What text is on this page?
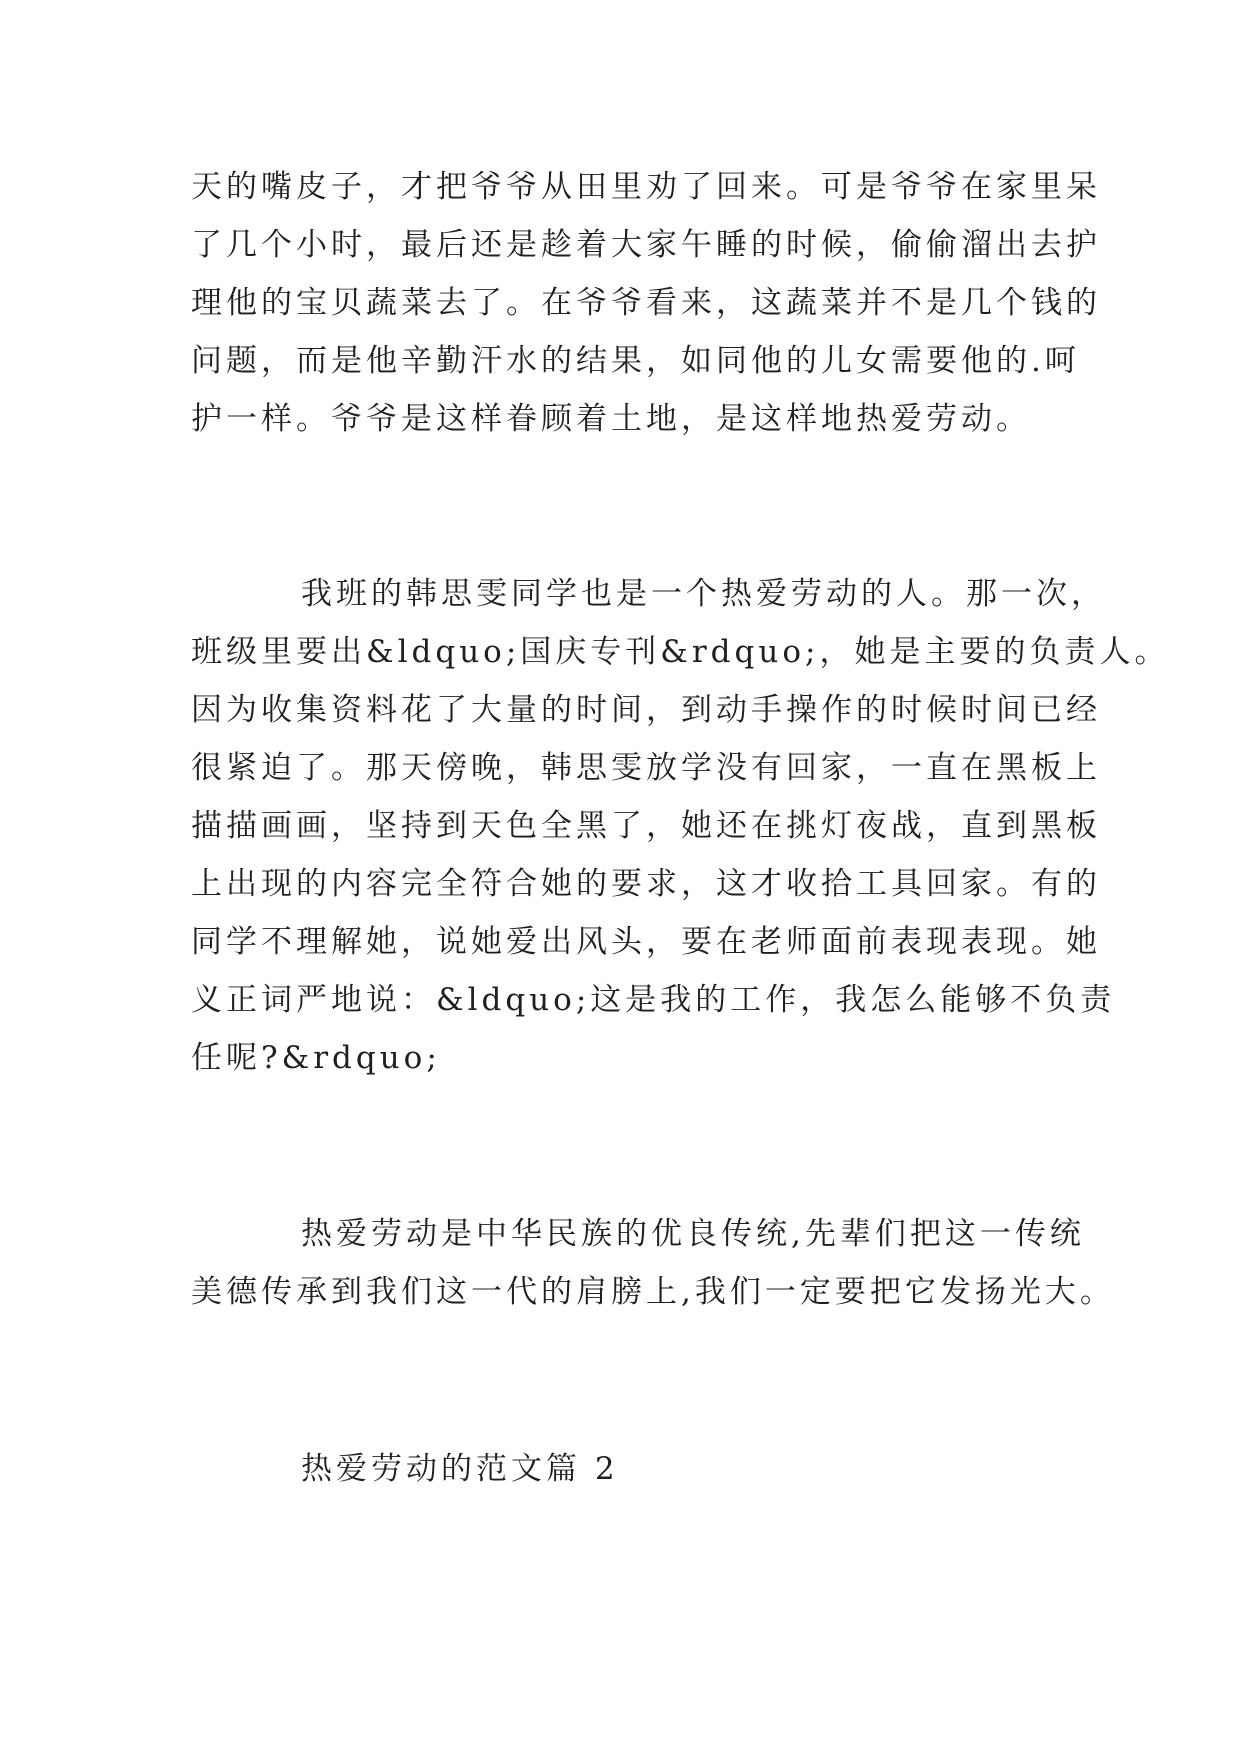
天的嘴皮子，才把爷爷从田里劝了回来。可是爷爷在家里呆
了几个小时，最后还是趁着大家午睡的时候，偷偷溜出去护
理他的宝贝蔬菜去了。在爷爷看来，这蔬菜并不是几个钱的
问题，而是他辛勤汗水的结果，如同他的儿女需要他的.呵
护一样。爷爷是这样眷顾着土地，是这样地热爱劳动。
我班的韩思雯同学也是一个热爱劳动的人。那一次，
班级里要出&ldquo;国庆专刊&rdquo;，她是主要的负责人。
因为收集资料花了大量的时间，到动手操作的时候时间已经
很紧迫了。那天傍晚，韩思雯放学没有回家，一直在黑板上
描描画画，坚持到天色全黑了，她还在挑灯夜战，直到黑板
上出现的内容完全符合她的要求，这才收拾工具回家。有的
同学不理解她，说她爱出风头，要在老师面前表现表现。她
义正词严地说：&ldquo;这是我的工作，我怎么能够不负责
任呢?&rdquo;
热爱劳动是中华民族的优良传统,先辈们把这一传统
美德传承到我们这一代的肩膀上,我们一定要把它发扬光大。
热爱劳动的范文篇 2
